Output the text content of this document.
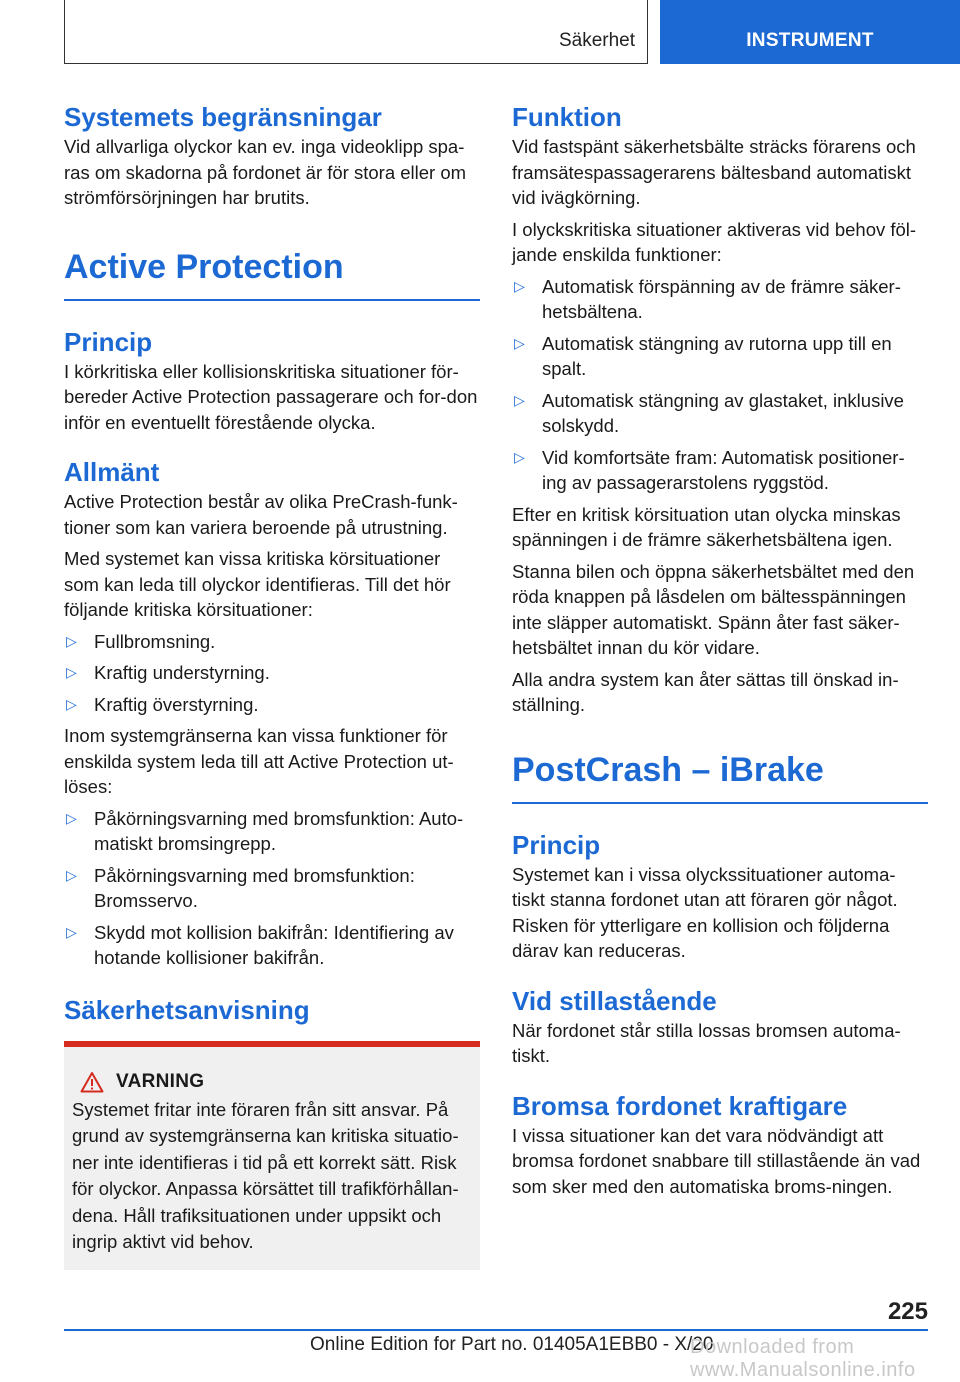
Säkerhet	INSTRUMENT
Systemets begränsningar

Vid allvarliga olyckor kan ev. inga videoklipp spa-ras om skadorna på fordonet är för stora eller om strömförsörjningen har brutits.

Active Protection
Princip

I körkritiska eller kollisionskritiska situationer för-bereder Active Protection passagerare och for-don inför en eventuellt förestående olycka.

Allmänt

Active Protection består av olika PreCrash-funk-tioner som kan variera beroende på utrustning.

Med systemet kan vissa kritiska körsituationer som kan leda till olyckor identifieras. Till det hör följande kritiska körsituationer:

▷ Fullbromsning.
▷ Kraftig understyrning.
▷ Kraftig överstyrning.

Inom systemgränserna kan vissa funktioner för enskilda system leda till att Active Protection ut-löses:

▷ Påkörningsvarning med bromsfunktion: Auto-matiskt bromsingrepp.
▷ Påkörningsvarning med bromsfunktion: Bromsservo.
▷ Skydd mot kollision bakifrån: Identifiering av hotande kollisioner bakifrån.
Säkerhetsanvisning
VARNING

Systemet fritar inte föraren från sitt ansvar. På grund av systemgränserna kan kritiska situatio-ner inte identifieras i tid på ett korrekt sätt. Risk för olyckor. Anpassa körsättet till trafikförhållan-dena. Håll trafiksituationen under uppsikt och ingrip aktivt vid behov.

Funktion

Vid fastspänt säkerhetsbälte sträcks förarens och framsätespassagerarens bältesband automatiskt vid ivägkörning.

I olyckskritiska situationer aktiveras vid behov föl-jande enskilda funktioner:

▷ Automatisk förspänning av de främre säker-hetsbältena.
▷ Automatisk stängning av rutorna upp till en spalt.
▷ Automatisk stängning av glastaket, inklusive solskydd.
▷ Vid komfortsäte fram: Automatisk positioner-ing av passagerarstolens ryggstöd.

Efter en kritisk körsituation utan olycka minskas spänningen i de främre säkerhetsbältena igen.

Stanna bilen och öppna säkerhetsbältet med den röda knappen på låsdelen om bältesspänningen inte släpper automatiskt. Spänn åter fast säker-hetsbältet innan du kör vidare.

Alla andra system kan åter sättas till önskad in-ställning.

PostCrash – iBrake
Princip

Systemet kan i vissa olyckssituationer automa-tiskt stanna fordonet utan att föraren gör något. Risken för ytterligare en kollision och följderna därav kan reduceras.

Vid stillastående

När fordonet står stilla lossas bromsen automa-tiskt.

Bromsa fordonet kraftigare

I vissa situationer kan det vara nödvändigt att bromsa fordonet snabbare till stillastående än vad som sker med den automatiska broms-ningen.

225
Online Edition for Part no. 01405A1EBB0 - X/20
Downloaded from www.Manualsonline.info
